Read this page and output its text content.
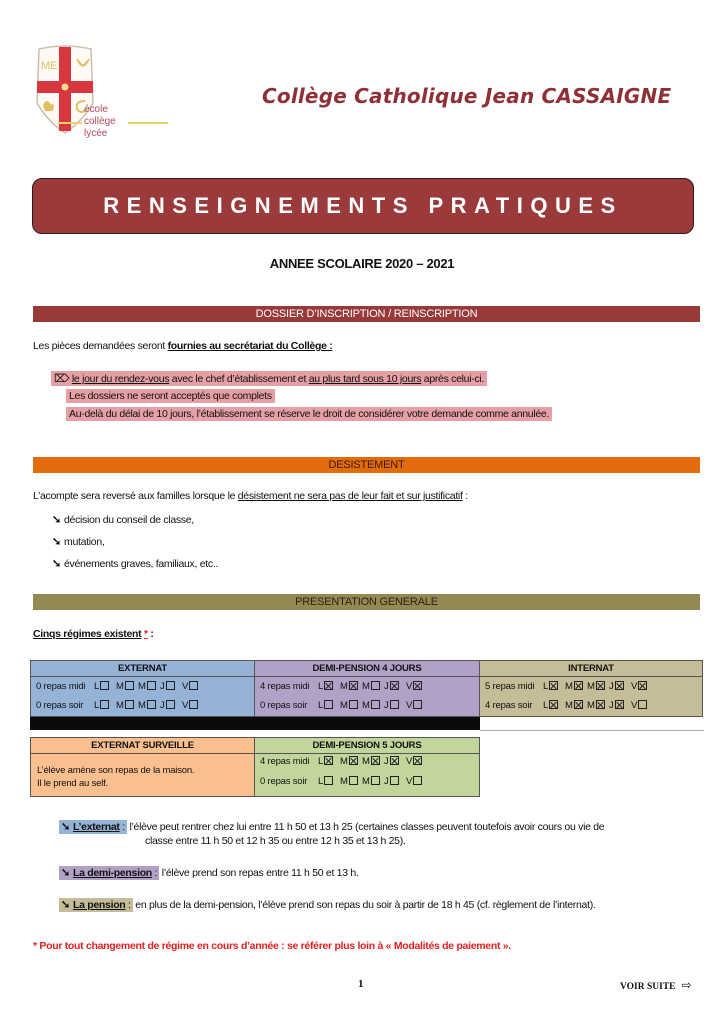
ME
école
collège
lycée
Collège Catholique Jean CASSAIGNE
RENSEIGNEMENTS PRATIQUES
ANNEE SCOLAIRE 2020 – 2021
DOSSIER D’INSCRIPTION / REINSCRIPTION
Les pièces demandées seront fournies au secrétariat du Collège :
⌦ le jour du rendez-vous avec le chef d’établissement et au plus tard sous 10 jours après celui-ci.
Les dossiers ne seront acceptés que complets
Au-delà du délai de 10 jours, l’établissement se réserve le droit de considérer votre demande comme annulée.
DESISTEMENT
L’acompte sera reversé aux familles lorsque le désistement ne sera pas de leur fait et sur justificatif :
➘ décision du conseil de classe,
➘ mutation,
➘ événements graves, familiaux, etc..
PRESENTATION GENERALE
Cinqs régimes existent * :
EXTERNAT
0 repas midi L M M J V
0 repas soir L M M J V
DEMI-PENSION 4 JOURS
4 repas midi L M M J V
0 repas soir L M M J V
INTERNAT
5 repas midi L M M J V
4 repas soir L M M J V
EXTERNAT SURVEILLE
L’élève amène son repas de la maison.
Il le prend au self.
DEMI-PENSION 5 JOURS
4 repas midi L M M J V
0 repas soir L M M J V
➘ L’externat : l’élève peut rentrer chez lui entre 11 h 50 et 13 h 25 (certaines classes peuvent toutefois avoir cours ou vie de
classe entre 11 h 50 et 12 h 35 ou entre 12 h 35 et 13 h 25).
➘ La demi-pension : l’élève prend son repas entre 11 h 50 et 13 h.
➘ La pension : en plus de la demi-pension, l’élève prend son repas du soir à partir de 18 h 45 (cf. règlement de l’internat).
* Pour tout changement de régime en cours d’année : se référer plus loin à « Modalités de paiement ».
1	VOIR SUITE ⇨
